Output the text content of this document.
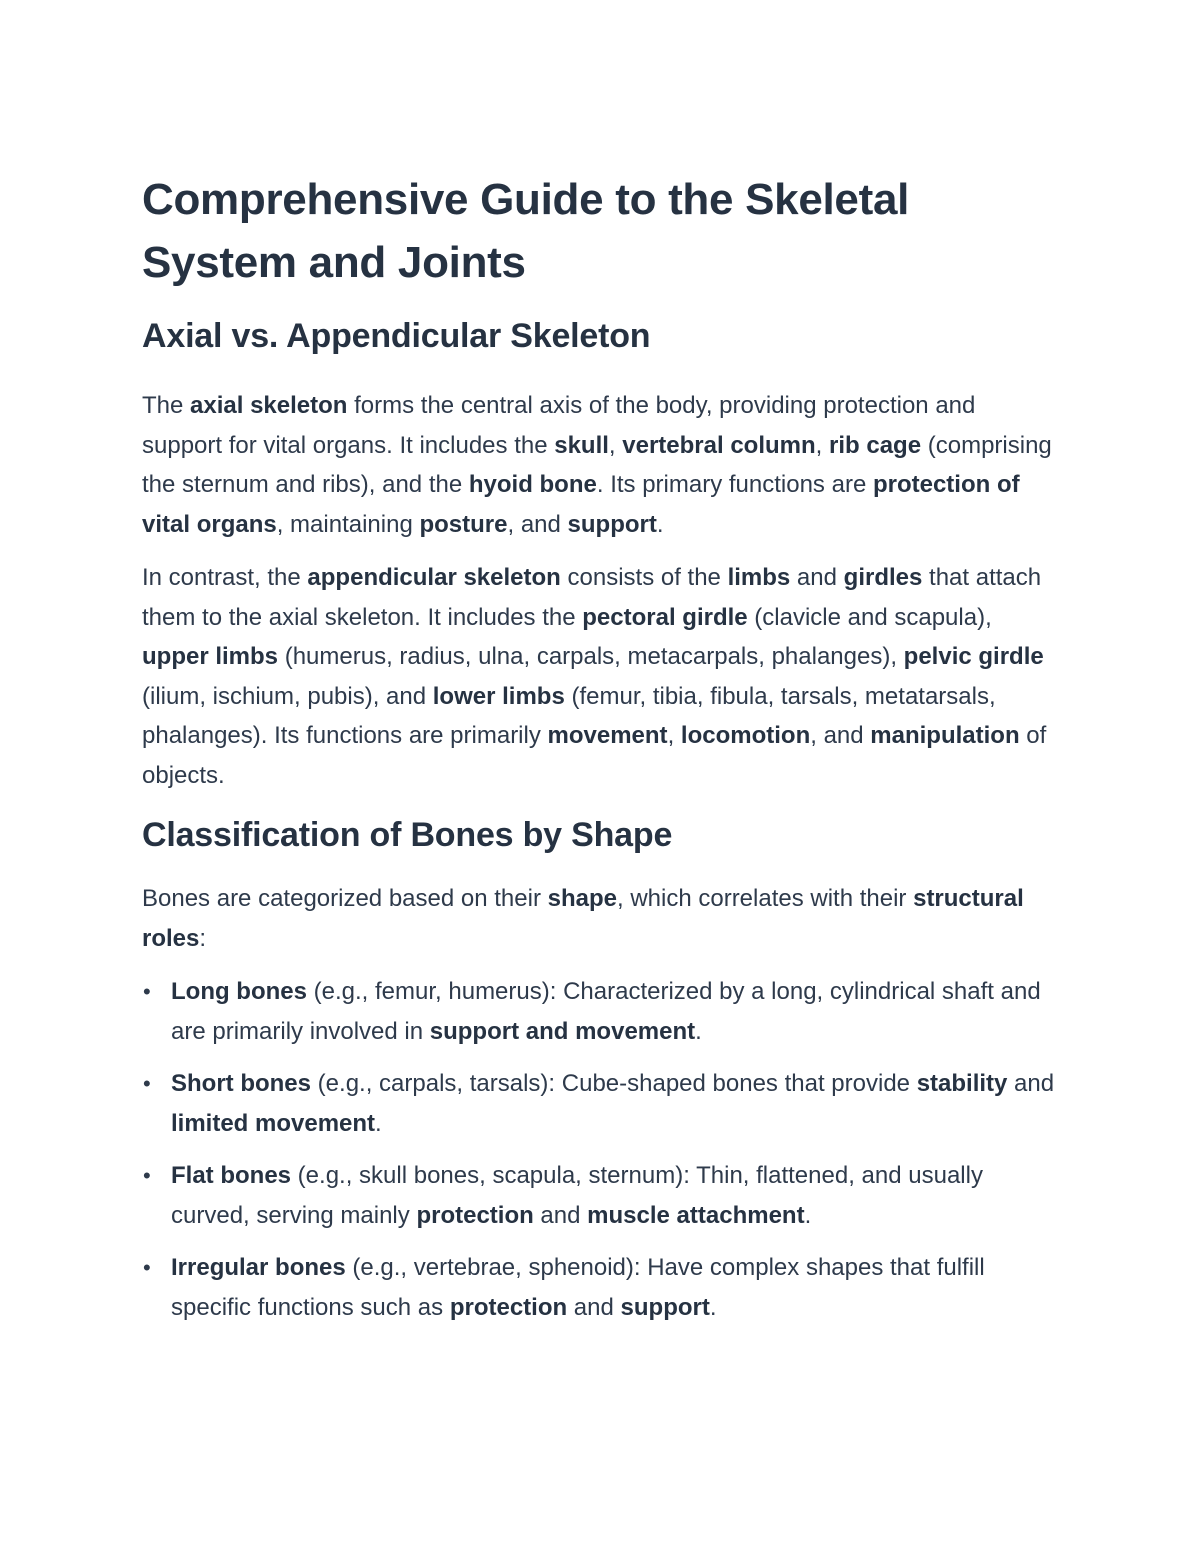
Comprehensive Guide to the Skeletal System and Joints
Axial vs. Appendicular Skeleton

The axial skeleton forms the central axis of the body, providing protection and support for vital organs. It includes the skull, vertebral column, rib cage (comprising the sternum and ribs), and the hyoid bone. Its primary functions are protection of vital organs, maintaining posture, and support.

In contrast, the appendicular skeleton consists of the limbs and girdles that attach them to the axial skeleton. It includes the pectoral girdle (clavicle and scapula), upper limbs (humerus, radius, ulna, carpals, metacarpals, phalanges), pelvic girdle (ilium, ischium, pubis), and lower limbs (femur, tibia, fibula, tarsals, metatarsals, phalanges). Its functions are primarily movement, locomotion, and manipulation of objects.

Classification of Bones by Shape

Bones are categorized based on their shape, which correlates with their structural roles:

• Long bones (e.g., femur, humerus): Characterized by a long, cylindrical shaft and are primarily involved in support and movement.
• Short bones (e.g., carpals, tarsals): Cube-shaped bones that provide stability and limited movement.
• Flat bones (e.g., skull bones, scapula, sternum): Thin, flattened, and usually curved, serving mainly protection and muscle attachment.
• Irregular bones (e.g., vertebrae, sphenoid): Have complex shapes that fulfill specific functions such as protection and support.
